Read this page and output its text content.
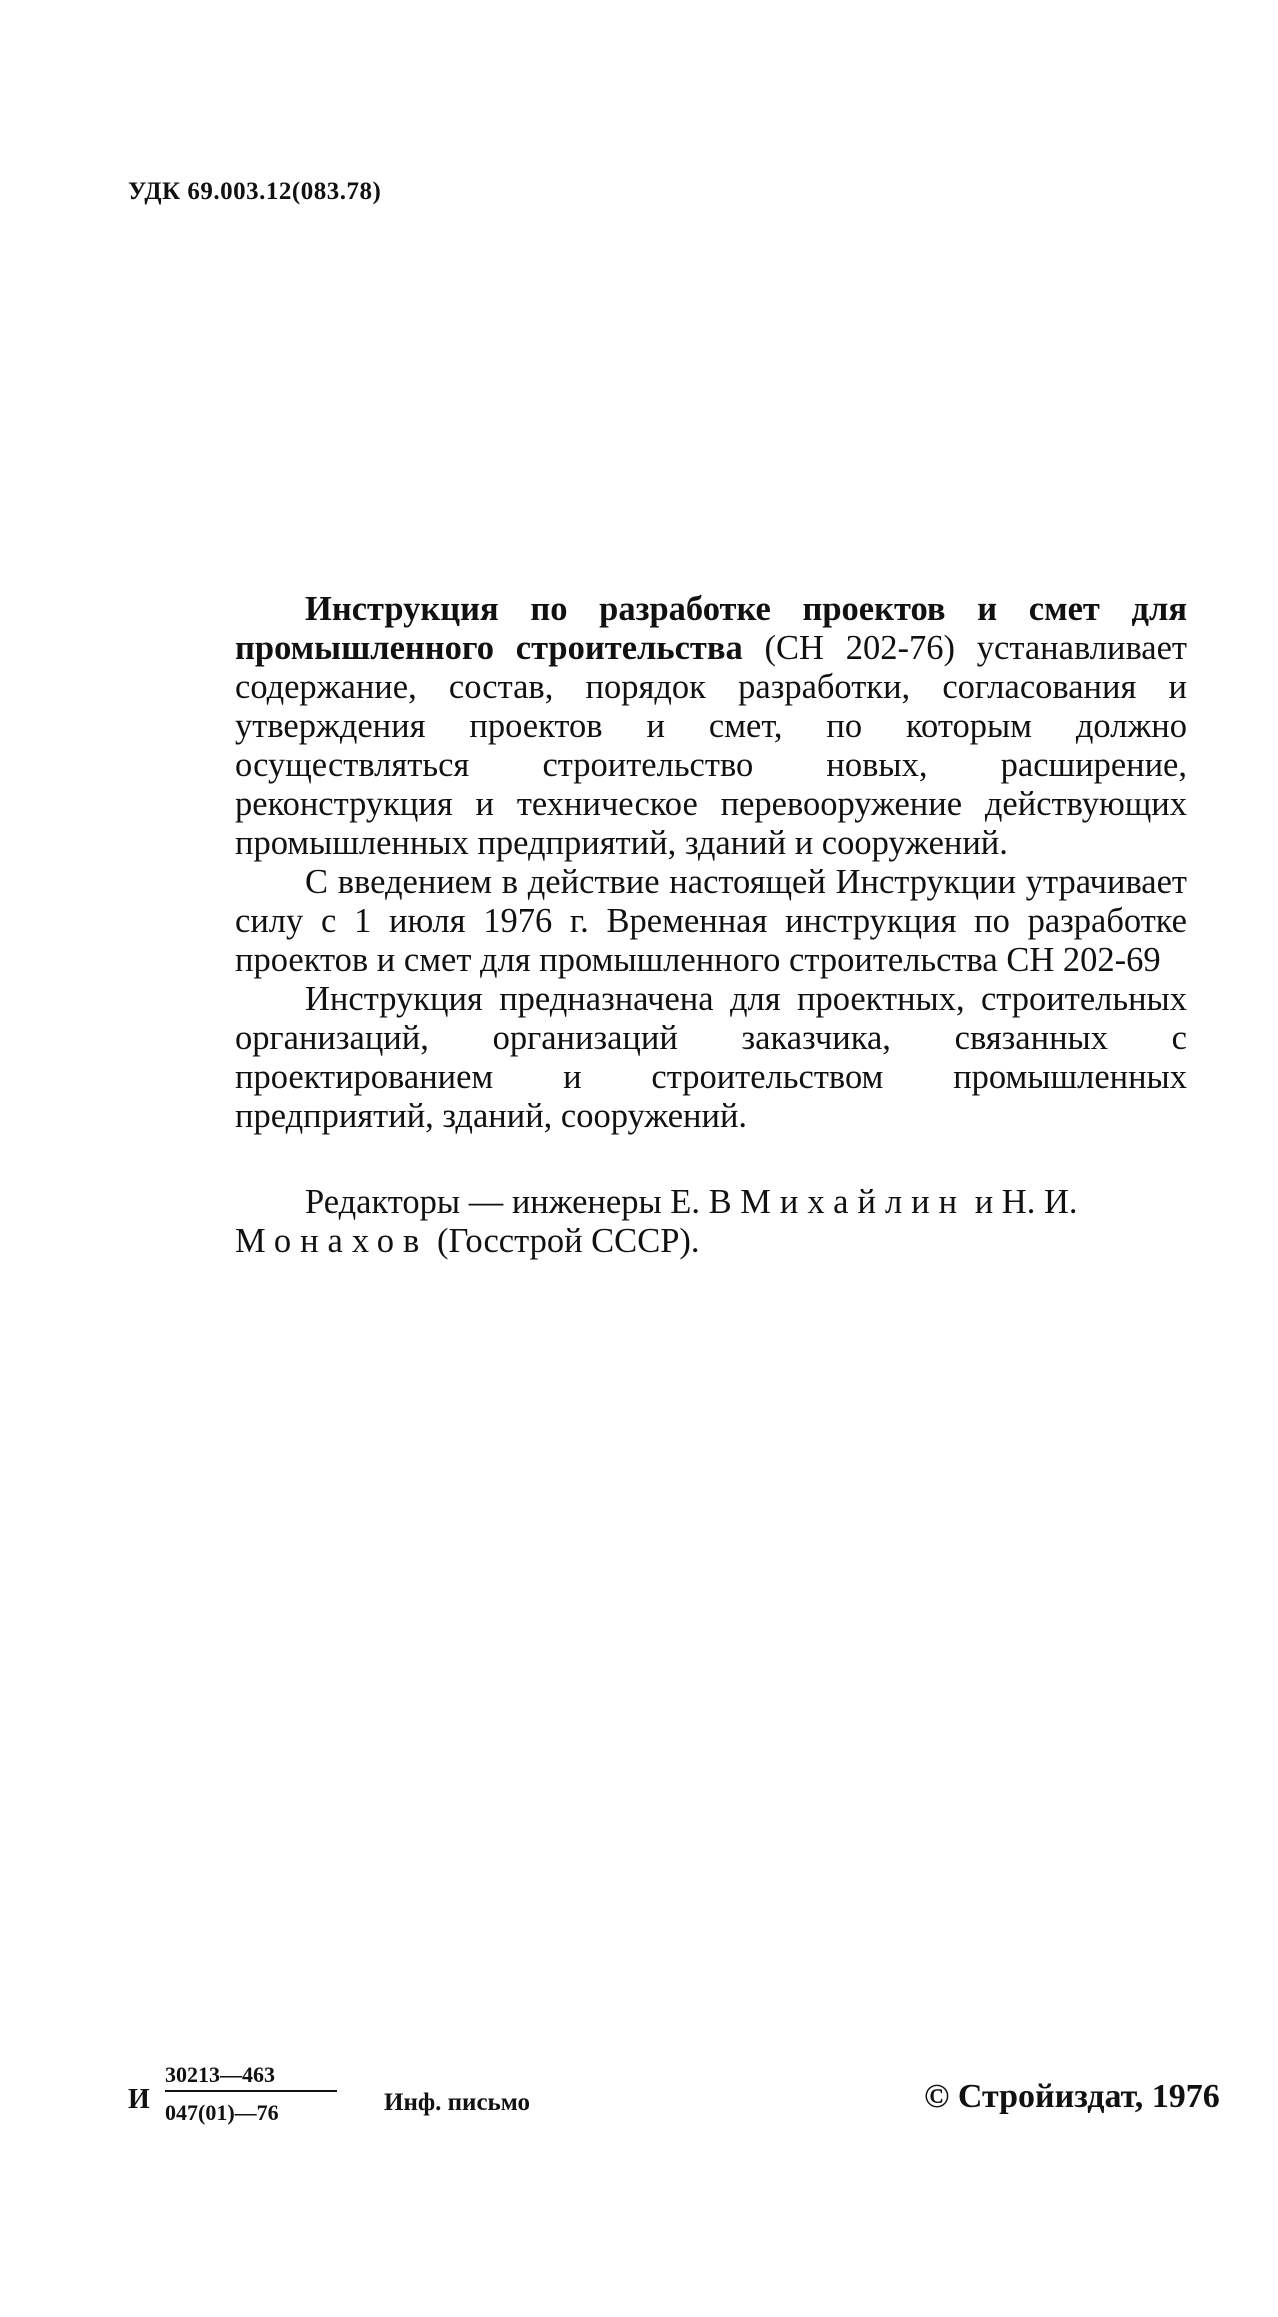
УДК 69.003.12(083.78)

Инструкция по разработке проектов и смет для промышленного строительства (СН 202-76) устанавливает содержание, состав, порядок разработки, согласования и утверждения проектов и смет, по которым должно осуществляться строительство новых, расширение, реконструкция и техническое перевооружение действующих промышленных предприятий, зданий и сооружений.

С введением в действие настоящей Инструкции утрачивает силу с 1 июля 1976 г. Временная инструкция по разработке проектов и смет для промышленного строительства СН 202-69

Инструкция предназначена для проектных, строительных организаций, организаций заказчика, связанных с проектированием и строительством промышленных предприятий, зданий, сооружений.

Редакторы — инженеры Е. В Михайлин и Н. И. Монахов (Госстрой СССР).

И $\frac{30213—463}{047(01)—76}$ Инф. письмо	© Стройиздат, 1976
